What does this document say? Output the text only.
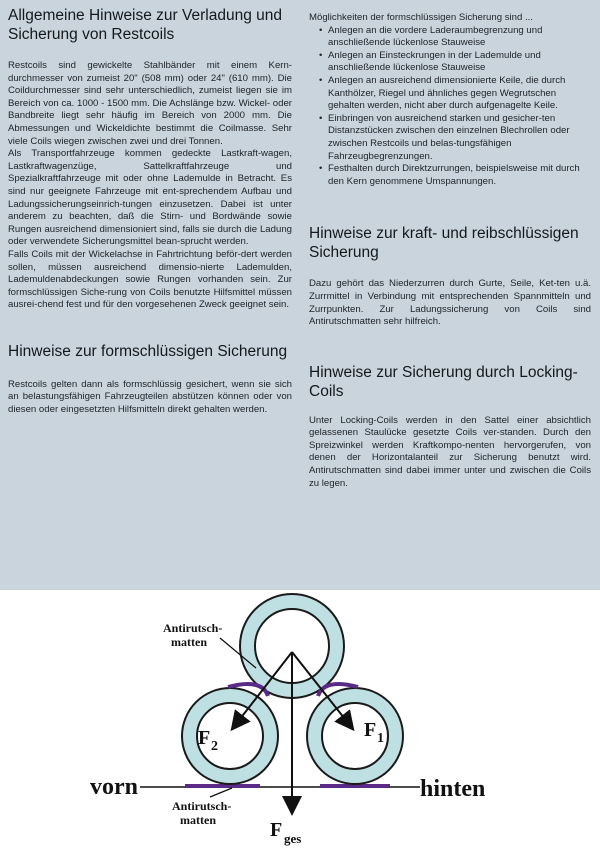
Allgemeine Hinweise zur Verladung und Sicherung von Restcoils

Restcoils sind gewickelte Stahlbänder mit einem Kern-durchmesser von zumeist 20" (508 mm) oder 24" (610 mm). Die Coildurchmesser sind sehr unterschiedlich, zumeist liegen sie im Bereich von ca. 1000 - 1500 mm. Die Achslänge bzw. Wickel- oder Bandbreite liegt sehr häufig im Bereich von 2000 mm. Die Abmessungen und Wickeldichte bestimmt die Coilmasse. Sehr viele Coils wiegen zwischen zwei und drei Tonnen.

Als Transportfahrzeuge kommen gedeckte Lastkraft-wagen, Lastkraftwagenzüge, Sattelkraftfahrzeuge und Spezialkraftfahrzeuge mit oder ohne Lademulde in Betracht. Es sind nur geeignete Fahrzeuge mit ent-sprechendem Aufbau und Ladungssicherungseinrich-tungen einzusetzen. Dabei ist unter anderem zu beachten, daß die Stirn- und Bordwände sowie Rungen ausreichend dimensioniert sind, falls sie durch die Ladung oder verwendete Sicherungsmittel bean-sprucht werden.

Falls Coils mit der Wickelachse in Fahrtrichtung beför-dert werden sollen, müssen ausreichend dimensio-nierte Lademulden, Lademuldenabdeckungen sowie Rungen vorhanden sein. Zur formschlüssigen Siche-rung von Coils benutzte Hilfsmittel müssen ausrei-chend fest und für den vorgesehenen Zweck geeignet sein.

Hinweise zur formschlüssigen Sicherung

Restcoils gelten dann als formschlüssig gesichert, wenn sie sich an belastungsfähigen Fahrzeugteilen abstützen können oder von diesen oder eingesetzten Hilfsmitteln direkt gehalten werden.

Möglichkeiten der formschlüssigen Sicherung sind ...

• Anlegen an die vordere Laderaumbegrenzung und anschließende lückenlose Stauweise
• Anlegen an Einsteckrungen in der Lademulde und anschließende lückenlose Stauweise
• Anlegen an ausreichend dimensionierte Keile, die durch Kanthölzer, Riegel und ähnliches gegen Wegrutschen gehalten werden, nicht aber durch aufgenagelte Keile.
• Einbringen von ausreichend starken und gesicher-ten Distanzstücken zwischen den einzelnen Blechrollen oder zwischen Restcoils und belas-tungsfähigen Fahrzeugbegrenzungen.
• Festhalten durch Direktzurrungen, beispielsweise mit durch den Kern genommene Umspannungen.
Hinweise zur kraft- und reibschlüssigen Sicherung

Dazu gehört das Niederzurren durch Gurte, Seile, Ket-ten u.ä. Zurrmittel in Verbindung mit entsprechenden Spannmitteln und Zurrpunkten. Zur Ladungssicherung von Coils sind Antirutschmatten sehr hilfreich.

Hinweise zur Sicherung durch Locking-Coils

Unter Locking-Coils werden in den Sattel einer absichtlich gelassenen Staulücke gesetzte Coils ver-standen. Durch den Spreizwinkel werden Kraftkompo-nenten hervorgerufen, von denen der Horizontalanteil zur Sicherung benutzt wird. Antirutschmatten sind dabei immer unter und zwischen die Coils zu legen.

Antirutsch-
matten
Antirutsch-
matten
vorn	hinten
F 2
F 1
F ges
